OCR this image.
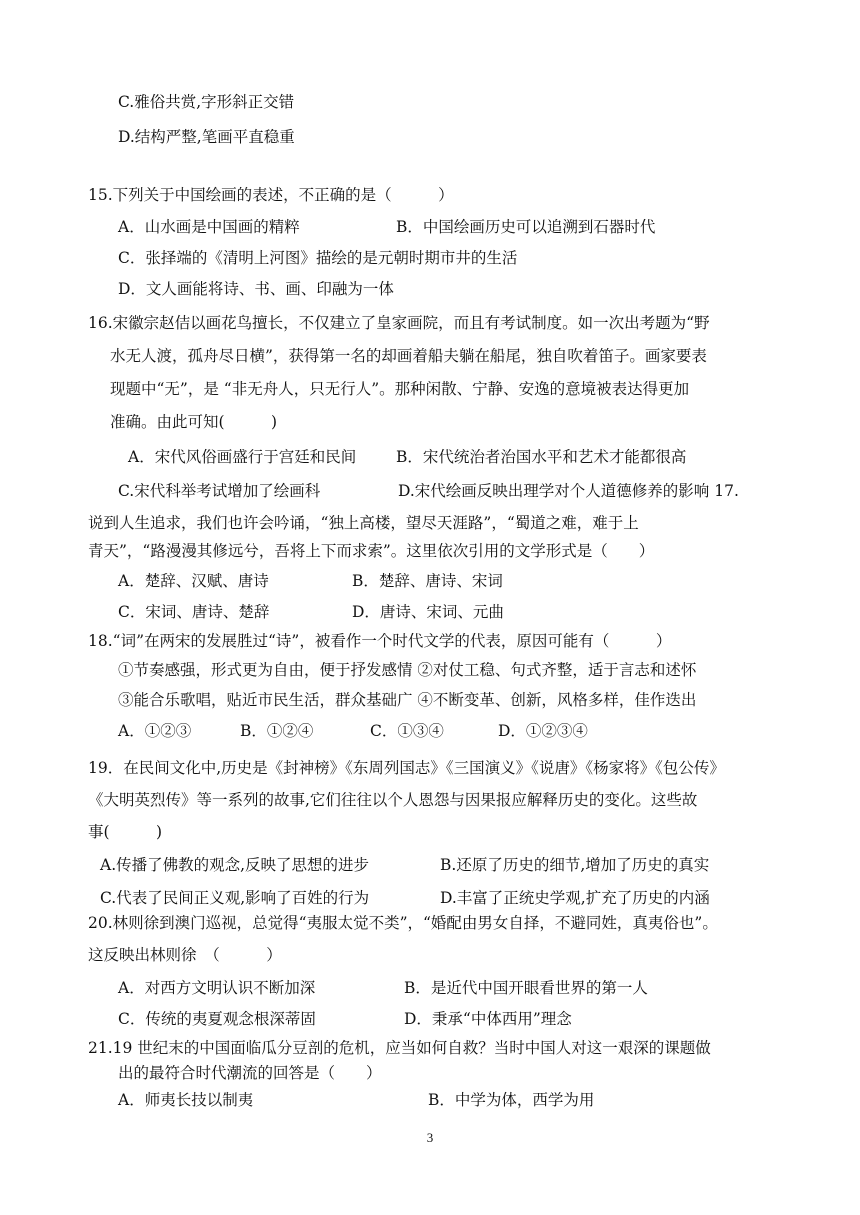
C.雅俗共赏,字形斜正交错
D.结构严整,笔画平直稳重
15.下列关于中国绘画的表述，不正确的是（　　　）
A．山水画是中国画的精粹	B．中国绘画历史可以追溯到石器时代
C．张择端的《清明上河图》描绘的是元朝时期市井的生活
D．文人画能将诗、书、画、印融为一体
16.宋徽宗赵佶以画花鸟擅长，不仅建立了皇家画院，而且有考试制度。如一次出考题为“野
水无人渡，孤舟尽日横”，获得第一名的却画着船夫躺在船尾，独自吹着笛子。画家要表
现题中“无”，是 “非无舟人，只无行人”。那种闲散、宁静、安逸的意境被表达得更加
准确。由此可知(　　　)
A．宋代风俗画盛行于宫廷和民间	B．宋代统治者治国水平和艺术才能都很高
C.宋代科举考试增加了绘画科	D.宋代绘画反映出理学对个人道德修养的影响 17.
说到人生追求，我们也许会吟诵，“独上高楼，望尽天涯路”，“蜀道之难，难于上
青天”，“路漫漫其修远兮，吾将上下而求索”。这里依次引用的文学形式是（　　）
A．楚辞、汉赋、唐诗	B．楚辞、唐诗、宋词
C．宋词、唐诗、楚辞	D．唐诗、宋词、元曲
18.“词”在两宋的发展胜过“诗”，被看作一个时代文学的代表，原因可能有（　　　）
①节奏感强，形式更为自由，便于抒发感情 ②对仗工稳、句式齐整，适于言志和述怀
③能合乐歌唱，贴近市民生活，群众基础广 ④不断变革、创新，风格多样，佳作迭出
A．①②③	B．①②④	C．①③④	D．①②③④
19．在民间文化中,历史是《封神榜》《东周列国志》《三国演义》《说唐》《杨家将》《包公传》
《大明英烈传》等一系列的故事,它们往往以个人恩怨与因果报应解释历史的变化。这些故
事(　　　)
A.传播了佛教的观念,反映了思想的进步	B.还原了历史的细节,增加了历史的真实
C.代表了民间正义观,影响了百姓的行为	D.丰富了正统史学观,扩充了历史的内涵
20.林则徐到澳门巡视，总觉得“夷服太觉不类”，“婚配由男女自择，不避同姓，真夷俗也”。
这反映出林则徐　（　　　）
A．对西方文明认识不断加深	B．是近代中国开眼看世界的第一人
C．传统的夷夏观念根深蒂固	D．秉承“中体西用”理念
21.19 世纪末的中国面临瓜分豆剖的危机，应当如何自救？当时中国人对这一艰深的课题做
出的最符合时代潮流的回答是（　　）
A．师夷长技以制夷	B．中学为体，西学为用
3
